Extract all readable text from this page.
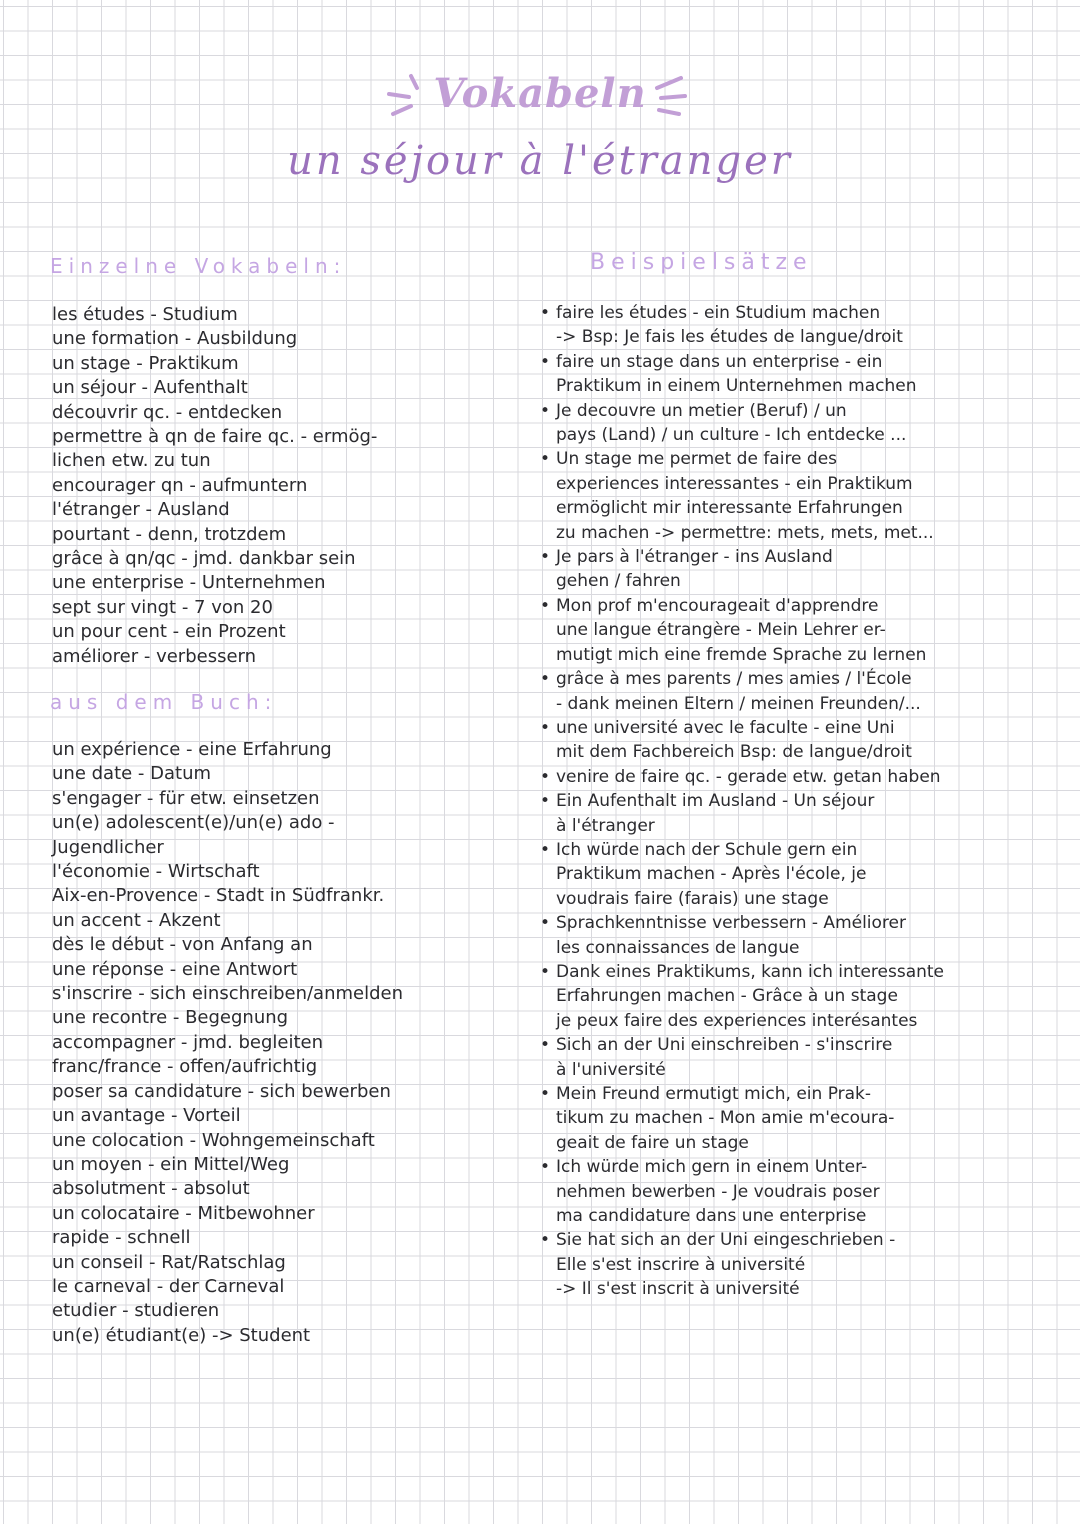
Vokabeln
un séjour à l'étranger
Einzelne Vokabeln:
les études - Studium
une formation - Ausbildung
un stage - Praktikum
un séjour - Aufenthalt
découvrir qc. - entdecken
permettre à qn de faire qc. - ermög-
lichen etw. zu tun
encourager qn - aufmuntern
l'étranger - Ausland
pourtant - denn, trotzdem
grâce à qn/qc - jmd. dankbar sein
une enterprise - Unternehmen
sept sur vingt - 7 von 20
un pour cent - ein Prozent
améliorer - verbessern
aus dem Buch:
un expérience - eine Erfahrung
une date - Datum
s'engager - für etw. einsetzen
un(e) adolescent(e)/un(e) ado -
Jugendlicher
l'économie - Wirtschaft
Aix-en-Provence - Stadt in Südfrankr.
un accent - Akzent
dès le début - von Anfang an
une réponse - eine Antwort
s'inscrire - sich einschreiben/anmelden
une recontre - Begegnung
accompagner - jmd. begleiten
franc/france - offen/aufrichtig
poser sa candidature - sich bewerben
un avantage - Vorteil
une colocation - Wohngemeinschaft
un moyen - ein Mittel/Weg
absolutment - absolut
un colocataire - Mitbewohner
rapide - schnell
un conseil - Rat/Ratschlag
le carneval - der Carneval
etudier - studieren
un(e) étudiant(e) -> Student
Beispielsätze
• faire les études - ein Studium machen
-> Bsp: Je fais les études de langue/droit
• faire un stage dans un enterprise - ein
Praktikum in einem Unternehmen machen
• Je decouvre un metier (Beruf) / un
pays (Land) / un culture - Ich entdecke ...
• Un stage me permet de faire des
experiences interessantes - ein Praktikum
ermöglicht mir interessante Erfahrungen
zu machen -> permettre: mets, mets, met...
• Je pars à l'étranger - ins Ausland
gehen / fahren
• Mon prof m'encourageait d'apprendre
une langue étrangère - Mein Lehrer er-
mutigt mich eine fremde Sprache zu lernen
• grâce à mes parents / mes amies / l'École
- dank meinen Eltern / meinen Freunden/...
• une université avec le faculte - eine Uni
mit dem Fachbereich Bsp: de langue/droit
• venire de faire qc. - gerade etw. getan haben
• Ein Aufenthalt im Ausland - Un séjour
à l'étranger
• Ich würde nach der Schule gern ein
Praktikum machen - Après l'école, je
voudrais faire (farais) une stage
• Sprachkenntnisse verbessern - Améliorer
les connaissances de langue
• Dank eines Praktikums, kann ich interessante
Erfahrungen machen - Grâce à un stage
je peux faire des experiences interésantes
• Sich an der Uni einschreiben - s'inscrire
à l'université
• Mein Freund ermutigt mich, ein Prak-
tikum zu machen - Mon amie m'ecoura-
geait de faire un stage
• Ich würde mich gern in einem Unter-
nehmen bewerben - Je voudrais poser
ma candidature dans une enterprise
• Sie hat sich an der Uni eingeschrieben -
Elle s'est inscrire à université
-> Il s'est inscrit à université
